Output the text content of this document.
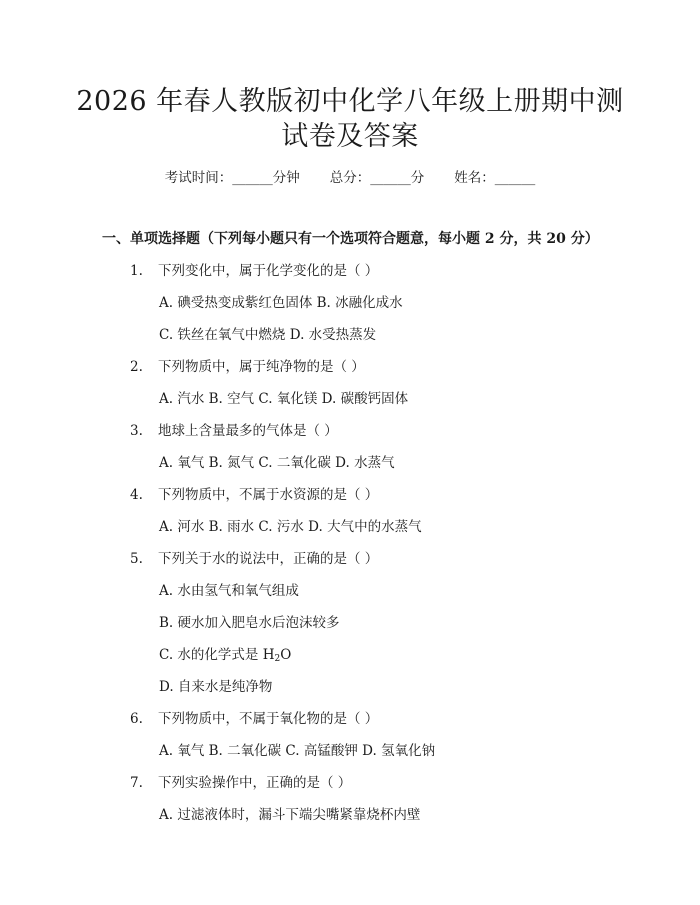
2026 年春人教版初中化学八年级上册期中测
试卷及答案
考试时间：______分钟 总分：______分 姓名：______
一、单项选择题（下列每小题只有一个选项符合题意，每小题 2 分，共 20 分）
1. 下列变化中，属于化学变化的是（ ）
A. 碘受热变成紫红色固体 B. 冰融化成水
C. 铁丝在氧气中燃烧 D. 水受热蒸发
2. 下列物质中，属于纯净物的是（ ）
A. 汽水 B. 空气 C. 氧化镁 D. 碳酸钙固体
3. 地球上含量最多的气体是（ ）
A. 氧气 B. 氮气 C. 二氧化碳 D. 水蒸气
4. 下列物质中，不属于水资源的是（ ）
A. 河水 B. 雨水 C. 污水 D. 大气中的水蒸气
5. 下列关于水的说法中，正确的是（ ）
A. 水由氢气和氧气组成
B. 硬水加入肥皂水后泡沫较多
C. 水的化学式是 $H_2O$
D. 自来水是纯净物
6. 下列物质中，不属于氧化物的是（ ）
A. 氧气 B. 二氧化碳 C. 高锰酸钾 D. 氢氧化钠
7. 下列实验操作中，正确的是（ ）
A. 过滤液体时，漏斗下端尖嘴紧靠烧杯内壁
